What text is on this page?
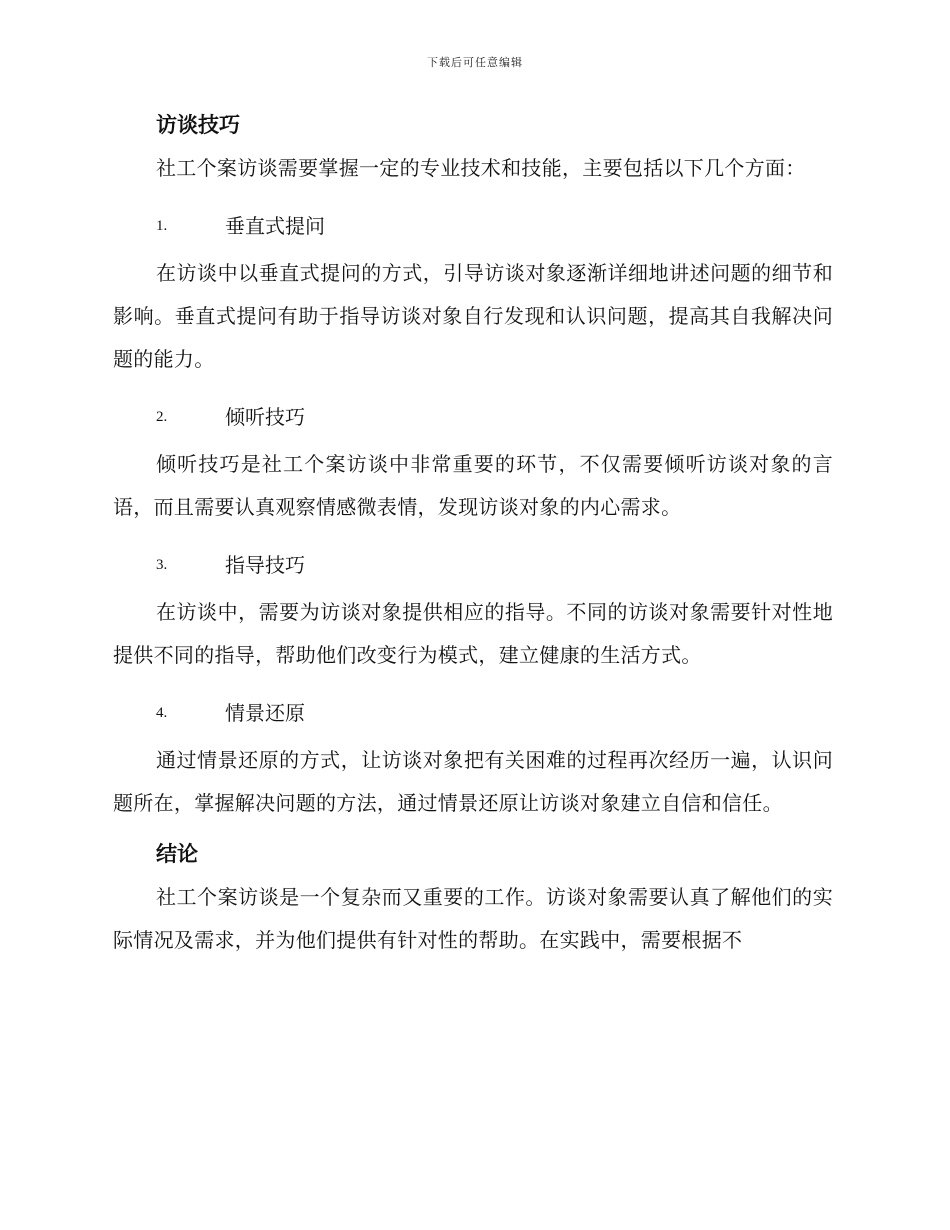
下载后可任意编辑
访谈技巧

社工个案访谈需要掌握一定的专业技术和技能，主要包括以下几个方面：

1.	垂直式提问

在访谈中以垂直式提问的方式，引导访谈对象逐渐详细地讲述问题的细节和影响。垂直式提问有助于指导访谈对象自行发现和认识问题，提高其自我解决问题的能力。

2.	倾听技巧

倾听技巧是社工个案访谈中非常重要的环节，不仅需要倾听访谈对象的言语，而且需要认真观察情感微表情，发现访谈对象的内心需求。

3.	指导技巧

在访谈中，需要为访谈对象提供相应的指导。不同的访谈对象需要针对性地提供不同的指导，帮助他们改变行为模式，建立健康的生活方式。

4.	情景还原

通过情景还原的方式，让访谈对象把有关困难的过程再次经历一遍，认识问题所在，掌握解决问题的方法，通过情景还原让访谈对象建立自信和信任。

结论

社工个案访谈是一个复杂而又重要的工作。访谈对象需要认真了解他们的实际情况及需求，并为他们提供有针对性的帮助。在实践中，需要根据不
